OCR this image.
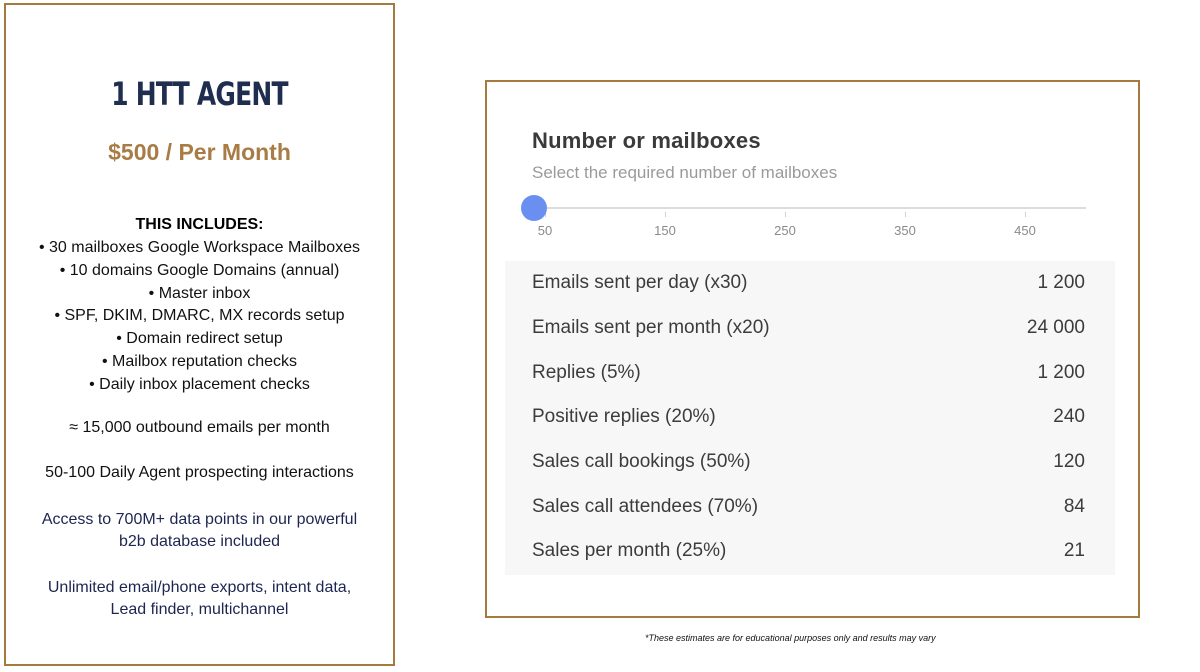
1 HTT AGENT
$500 / Per Month
THIS INCLUDES:
• 30 mailboxes Google Workspace Mailboxes
• 10 domains Google Domains (annual)
• Master inbox
• SPF, DKIM, DMARC, MX records setup
• Domain redirect setup
• Mailbox reputation checks
• Daily inbox placement checks
≈ 15,000 outbound emails per month
50-100 Daily Agent prospecting interactions
Access to 700M+ data points in our powerful
b2b database included
Unlimited email/phone exports, intent data,
Lead finder, multichannel
Number or mailboxes
Select the required number of mailboxes
50	150	250	350	450
Emails sent per day (x30)	1 200
Emails sent per month (x20)	24 000
Replies (5%)	1 200
Positive replies (20%)	240
Sales call bookings (50%)	120
Sales call attendees (70%)	84
Sales per month (25%)	21
*These estimates are for educational purposes only and results may vary
